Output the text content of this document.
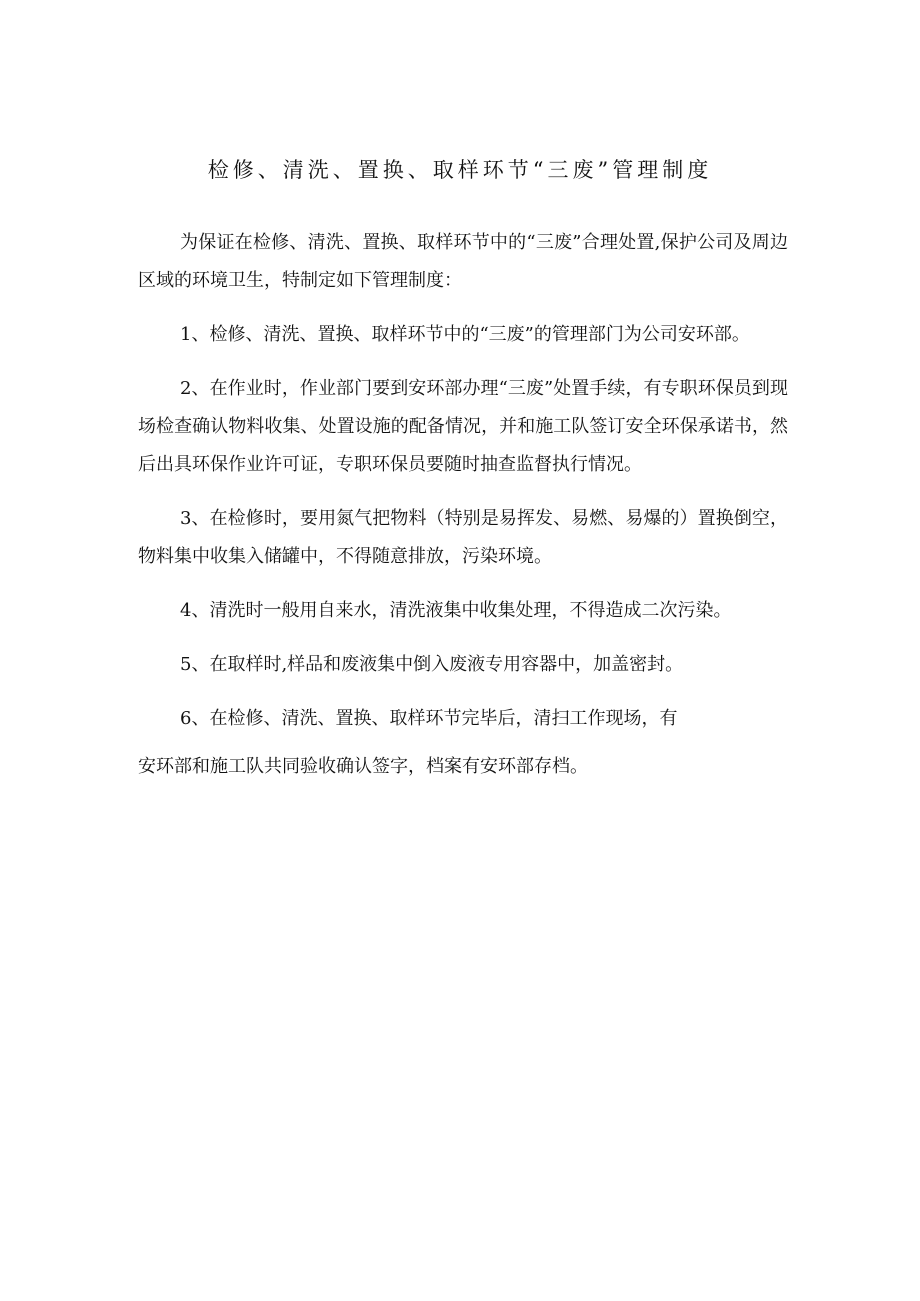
检修、清洗、置换、取样环节“三废”管理制度

为保证在检修、清洗、置换、取样环节中的“三废”合理处置,保护公司及周边区域的环境卫生，特制定如下管理制度：

1、检修、清洗、置换、取样环节中的“三废”的管理部门为公司安环部。

2、在作业时，作业部门要到安环部办理“三废”处置手续，有专职环保员到现场检查确认物料收集、处置设施的配备情况，并和施工队签订安全环保承诺书，然后出具环保作业许可证，专职环保员要随时抽查监督执行情况。

3、在检修时，要用氮气把物料（特别是易挥发、易燃、易爆的）置换倒空，物料集中收集入储罐中，不得随意排放，污染环境。

4、清洗时一般用自来水，清洗液集中收集处理，不得造成二次污染。

5、在取样时,样品和废液集中倒入废液专用容器中，加盖密封。

6、在检修、清洗、置换、取样环节完毕后，清扫工作现场，有

安环部和施工队共同验收确认签字，档案有安环部存档。
